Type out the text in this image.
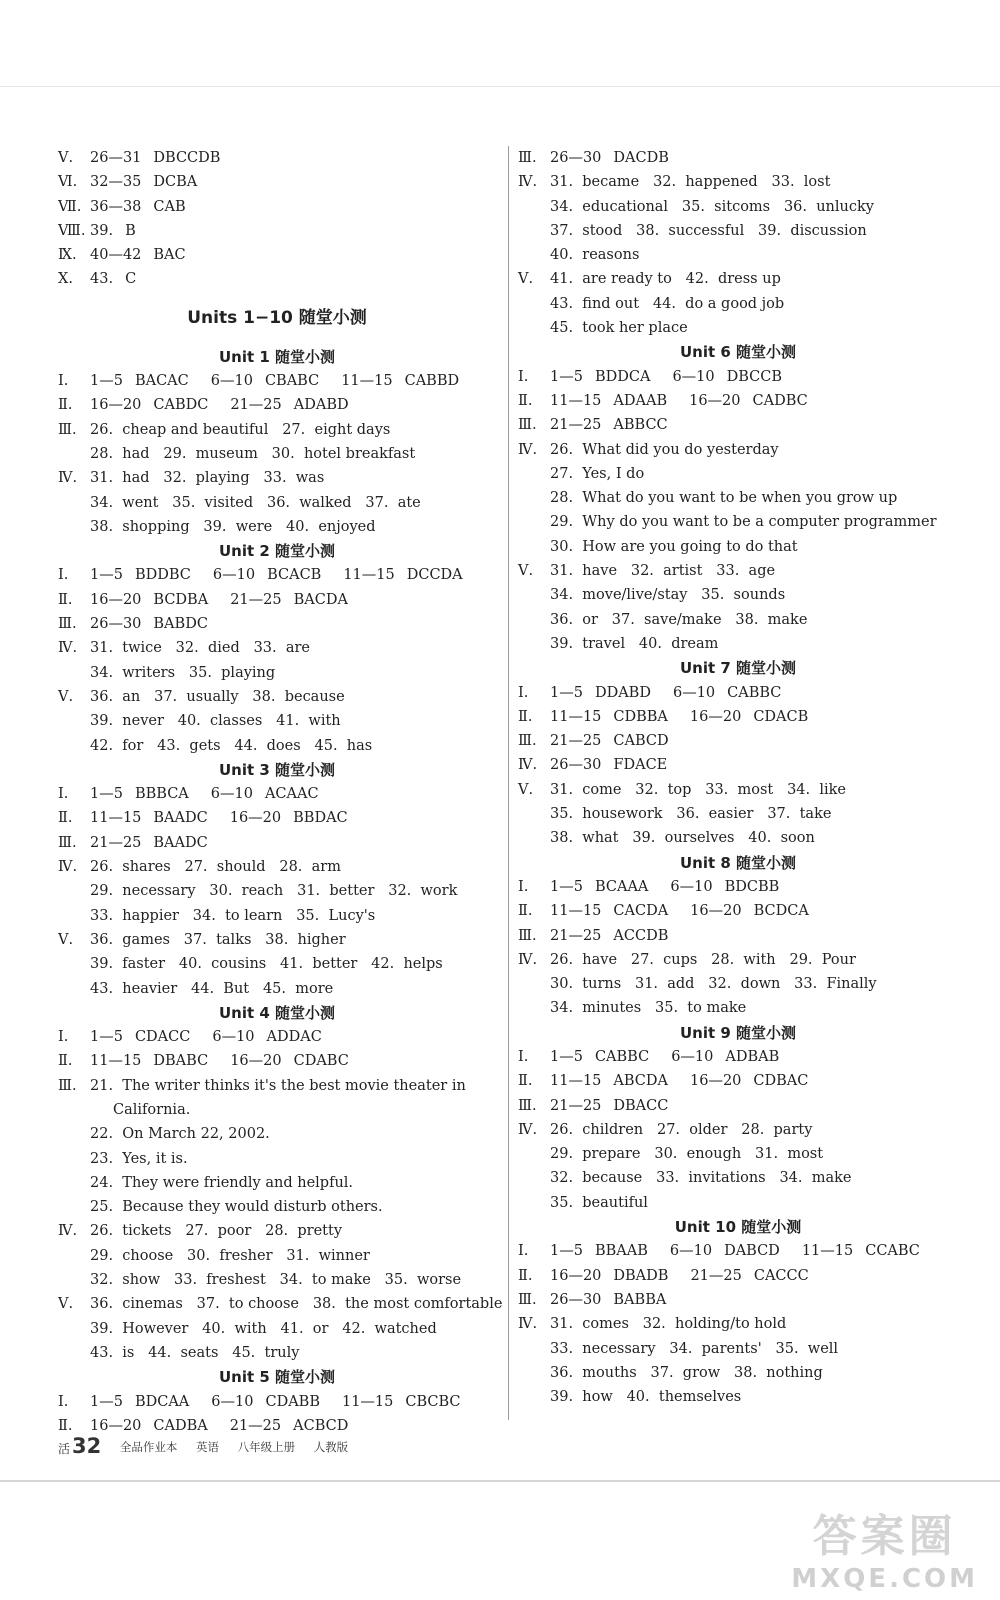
Ⅴ. 26—31 DBCCDB
Ⅵ. 32—35 DCBA
Ⅶ. 36—38 CAB
Ⅷ. 39. B
Ⅸ. 40—42 BAC
Ⅹ. 43. C
Units 1−10 随堂小测
Unit 1 随堂小测
Ⅰ. 1—5 BACAC 6—10 CBABC 11—15 CABBD
Ⅱ. 16—20 CABDC 21—25 ADABD
Ⅲ. 26.  cheap and beautiful   27.  eight days
28.  had   29.  museum   30.  hotel breakfast
Ⅳ. 31.  had   32.  playing   33.  was
34.  went   35.  visited   36.  walked   37.  ate
38.  shopping   39.  were   40.  enjoyed
Unit 2 随堂小测
Ⅰ. 1—5 BDDBC 6—10 BCACB 11—15 DCCDA
Ⅱ. 16—20 BCDBA 21—25 BACDA
Ⅲ. 26—30 BABDC
Ⅳ. 31.  twice   32.  died   33.  are
34.  writers   35.  playing
Ⅴ. 36.  an   37.  usually   38.  because
39.  never   40.  classes   41.  with
42.  for   43.  gets   44.  does   45.  has
Unit 3 随堂小测
Ⅰ. 1—5 BBBCA 6—10 ACAAC
Ⅱ. 11—15 BAADC 16—20 BBDAC
Ⅲ. 21—25 BAADC
Ⅳ. 26.  shares   27.  should   28.  arm
29.  necessary   30.  reach   31.  better   32.  work
33.  happier   34.  to learn   35.  Lucy's
Ⅴ. 36.  games   37.  talks   38.  higher
39.  faster   40.  cousins   41.  better   42.  helps
43.  heavier   44.  But   45.  more
Unit 4 随堂小测
Ⅰ. 1—5 CDACC 6—10 ADDAC
Ⅱ. 11—15 DBABC 16—20 CDABC
Ⅲ. 21.  The writer thinks it's the best movie theater in
California.
22.  On March 22, 2002.
23.  Yes, it is.
24.  They were friendly and helpful.
25.  Because they would disturb others.
Ⅳ. 26.  tickets   27.  poor   28.  pretty
29.  choose   30.  fresher   31.  winner
32.  show   33.  freshest   34.  to make   35.  worse
Ⅴ. 36.  cinemas   37.  to choose   38.  the most comfortable
39.  However   40.  with   41.  or   42.  watched
43.  is   44.  seats   45.  truly
Unit 5 随堂小测
Ⅰ. 1—5 BDCAA 6—10 CDABB 11—15 CBCBC
Ⅱ. 16—20 CADBA 21—25 ACBCD
Ⅲ. 26—30 DACDB
Ⅳ. 31.  became   32.  happened   33.  lost
34.  educational   35.  sitcoms   36.  unlucky
37.  stood   38.  successful   39.  discussion
40.  reasons
Ⅴ. 41.  are ready to   42.  dress up
43.  find out   44.  do a good job
45.  took her place
Unit 6 随堂小测
Ⅰ. 1—5 BDDCA 6—10 DBCCB
Ⅱ. 11—15 ADAAB 16—20 CADBC
Ⅲ. 21—25 ABBCC
Ⅳ. 26.  What did you do yesterday
27.  Yes, I do
28.  What do you want to be when you grow up
29.  Why do you want to be a computer programmer
30.  How are you going to do that
Ⅴ. 31.  have   32.  artist   33.  age
34.  move/live/stay   35.  sounds
36.  or   37.  save/make   38.  make
39.  travel   40.  dream
Unit 7 随堂小测
Ⅰ. 1—5 DDABD 6—10 CABBC
Ⅱ. 11—15 CDBBA 16—20 CDACB
Ⅲ. 21—25 CABCD
Ⅳ. 26—30 FDACE
Ⅴ. 31.  come   32.  top   33.  most   34.  like
35.  housework   36.  easier   37.  take
38.  what   39.  ourselves   40.  soon
Unit 8 随堂小测
Ⅰ. 1—5 BCAAA 6—10 BDCBB
Ⅱ. 11—15 CACDA 16—20 BCDCA
Ⅲ. 21—25 ACCDB
Ⅳ. 26.  have   27.  cups   28.  with   29.  Pour
30.  turns   31.  add   32.  down   33.  Finally
34.  minutes   35.  to make
Unit 9 随堂小测
Ⅰ. 1—5 CABBC 6—10 ADBAB
Ⅱ. 11—15 ABCDA 16—20 CDBAC
Ⅲ. 21—25 DBACC
Ⅳ. 26.  children   27.  older   28.  party
29.  prepare   30.  enough   31.  most
32.  because   33.  invitations   34.  make
35.  beautiful
Unit 10 随堂小测
Ⅰ. 1—5 BBAAB 6—10 DABCD 11—15 CCABC
Ⅱ. 16—20 DBADB 21—25 CACCC
Ⅲ. 26—30 BABBA
Ⅳ. 31.  comes   32.  holding/to hold
33.  necessary   34.  parents'   35.  well
36.  mouths   37.  grow   38.  nothing
39.  how   40.  themselves
活32 全品作业本 英语 八年级上册 人教版
答案圈
MXQE.COM
